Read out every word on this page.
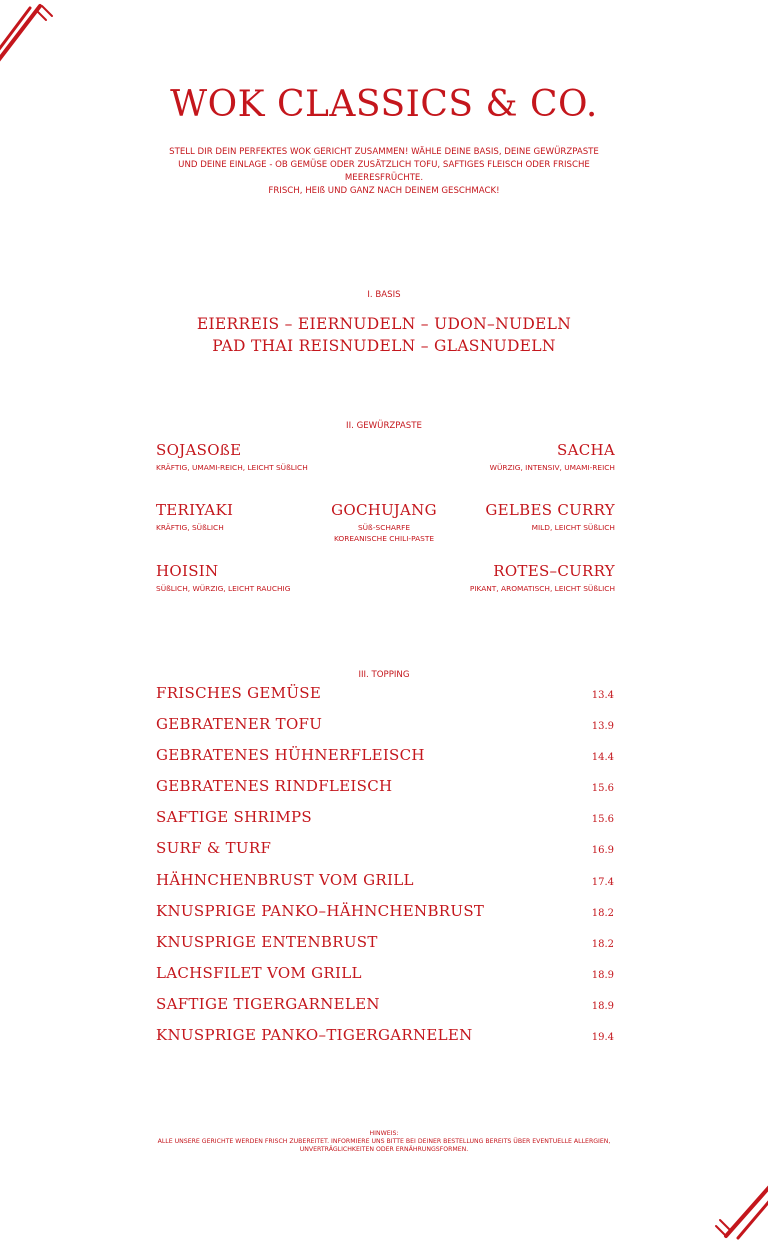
WOK CLASSICS & CO.
STELL DIR DEIN PERFEKTES WOK GERICHT ZUSAMMEN! WÄHLE DEINE BASIS, DEINE GEWÜRZPASTE
UND DEINE EINLAGE - OB GEMÜSE ODER ZUSÄTZLICH TOFU, SAFTIGES FLEISCH ODER FRISCHE
MEERESFRÜCHTE.
FRISCH, HEIß UND GANZ NACH DEINEM GESCHMACK!
I. BASIS
EIERREIS – EIERNUDELN – UDON–NUDELN
PAD THAI REISNUDELN – GLASNUDELN
II. GEWÜRZPASTE
SOJASOßE
KRÄFTIG, UMAMI-REICH, LEICHT SÜßLICH
SACHA
WÜRZIG, INTENSIV, UMAMI-REICH
TERIYAKI
KRÄFTIG, SÜßLICH
GOCHUJANG
SÜß-SCHARFE
KOREANISCHE CHILI-PASTE
GELBES CURRY
MILD, LEICHT SÜßLICH
HOISIN
SÜßLICH, WÜRZIG, LEICHT RAUCHIG
ROTES–CURRY
PIKANT, AROMATISCH, LEICHT SÜßLICH
III. TOPPING
FRISCHES GEMÜSE	13.4
GEBRATENER TOFU	13.9
GEBRATENES HÜHNERFLEISCH	14.4
GEBRATENES RINDFLEISCH	15.6
SAFTIGE SHRIMPS	15.6
SURF & TURF	16.9
HÄHNCHENBRUST VOM GRILL	17.4
KNUSPRIGE PANKO–HÄHNCHENBRUST	18.2
KNUSPRIGE ENTENBRUST	18.2
LACHSFILET VOM GRILL	18.9
SAFTIGE TIGERGARNELEN	18.9
KNUSPRIGE PANKO–TIGERGARNELEN	19.4
HINWEIS:
ALLE UNSERE GERICHTE WERDEN FRISCH ZUBEREITET. INFORMIERE UNS BITTE BEI DEINER BESTELLUNG BEREITS ÜBER EVENTUELLE ALLERGIEN,
UNVERTRÄGLICHKEITEN ODER ERNÄHRUNGSFORMEN.
